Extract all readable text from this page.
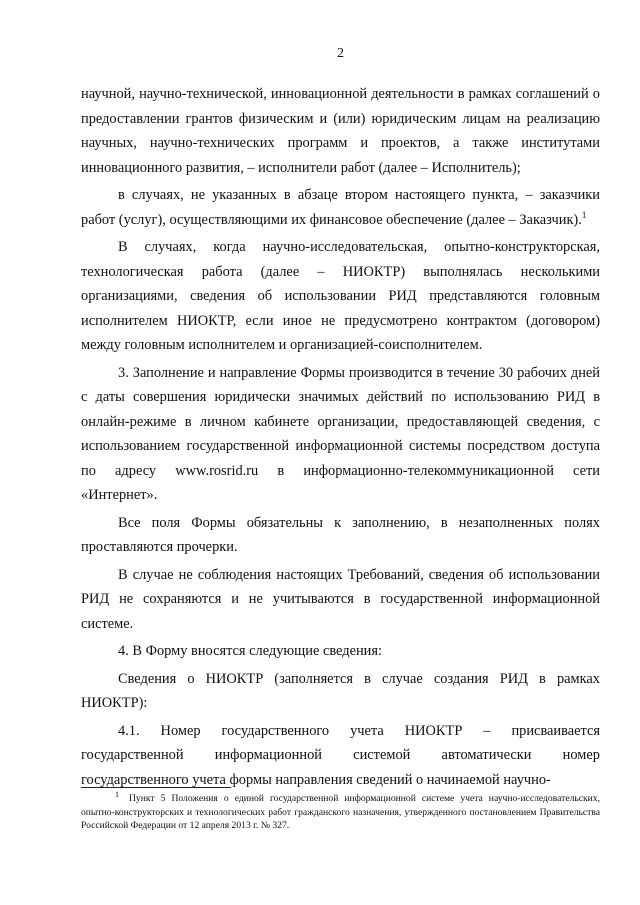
2

научной, научно-технической, инновационной деятельности в рамках соглашений о предоставлении грантов физическим и (или) юридическим лицам на реализацию научных, научно-технических программ и проектов, а также институтами инновационного развития, – исполнители работ (далее – Исполнитель);

в случаях, не указанных в абзаце втором настоящего пункта, – заказчики работ (услуг), осуществляющими их финансовое обеспечение (далее – Заказчик).$^1$

В случаях, когда научно-исследовательская, опытно-конструкторская, технологическая работа (далее – НИОКТР) выполнялась несколькими организациями, сведения об использовании РИД представляются головным исполнителем НИОКТР, если иное не предусмотрено контрактом (договором) между головным исполнителем и организацией-соисполнителем.

3. Заполнение и направление Формы производится в течение 30 рабочих дней с даты совершения юридически значимых действий по использованию РИД в онлайн-режиме в личном кабинете организации, предоставляющей сведения, с использованием государственной информационной системы посредством доступа по адресу www.rosrid.ru в информационно-телекоммуникационной сети «Интернет».

Все поля Формы обязательны к заполнению, в незаполненных полях проставляются прочерки.

В случае не соблюдения настоящих Требований, сведения об использовании РИД не сохраняются и не учитываются в государственной информационной системе.

4. В Форму вносятся следующие сведения:

Сведения о НИОКТР (заполняется в случае создания РИД в рамках НИОКТР):

4.1. Номер государственного учета НИОКТР – присваивается государственной информационной системой автоматически номер государственного учета формы направления сведений о начинаемой научно-

$^1$ Пункт 5 Положения о единой государственной информационной системе учета научно-исследовательских, опытно-конструкторских и технологических работ гражданского назначения, утвержденного постановлением Правительства Российской Федерации от 12 апреля 2013 г. № 327.
